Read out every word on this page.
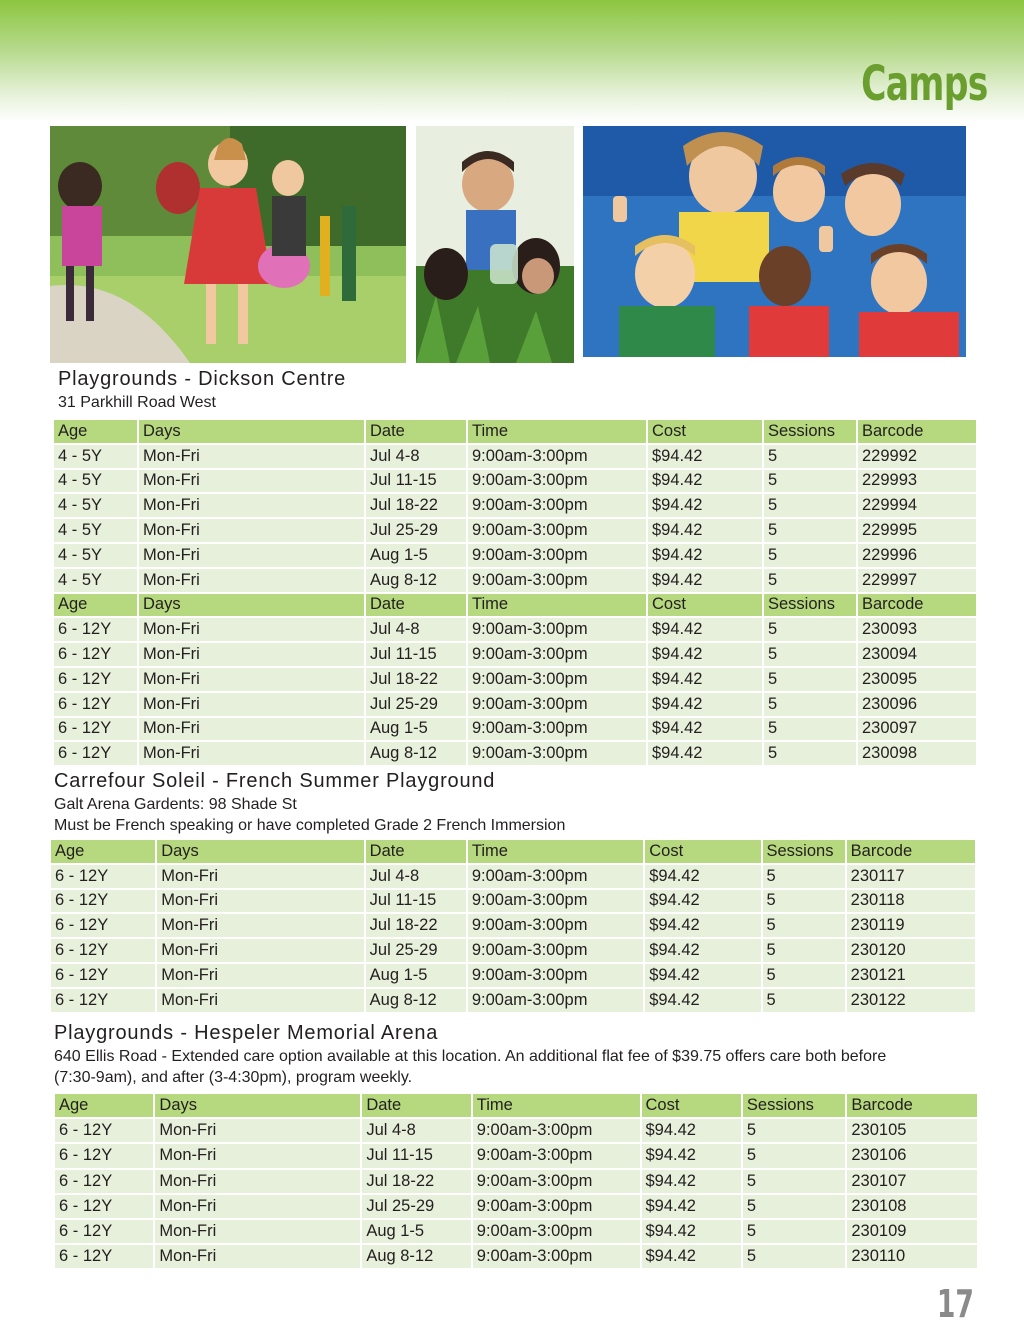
Camps
Playgrounds - Dickson Centre
31 Parkhill Road West
Age	Days	Date	Time	Cost	Sessions	Barcode
4 - 5Y	Mon-Fri	Jul 4-8	9:00am-3:00pm	$94.42	5	229992
4 - 5Y	Mon-Fri	Jul 11-15	9:00am-3:00pm	$94.42	5	229993
4 - 5Y	Mon-Fri	Jul 18-22	9:00am-3:00pm	$94.42	5	229994
4 - 5Y	Mon-Fri	Jul 25-29	9:00am-3:00pm	$94.42	5	229995
4 - 5Y	Mon-Fri	Aug 1-5	9:00am-3:00pm	$94.42	5	229996
4 - 5Y	Mon-Fri	Aug 8-12	9:00am-3:00pm	$94.42	5	229997
Age	Days	Date	Time	Cost	Sessions	Barcode
6 - 12Y	Mon-Fri	Jul 4-8	9:00am-3:00pm	$94.42	5	230093
6 - 12Y	Mon-Fri	Jul 11-15	9:00am-3:00pm	$94.42	5	230094
6 - 12Y	Mon-Fri	Jul 18-22	9:00am-3:00pm	$94.42	5	230095
6 - 12Y	Mon-Fri	Jul 25-29	9:00am-3:00pm	$94.42	5	230096
6 - 12Y	Mon-Fri	Aug 1-5	9:00am-3:00pm	$94.42	5	230097
6 - 12Y	Mon-Fri	Aug 8-12	9:00am-3:00pm	$94.42	5	230098
Carrefour Soleil - French Summer Playground
Galt Arena Gardents: 98 Shade St
Must be French speaking or have completed Grade 2 French Immersion
Age	Days	Date	Time	Cost	Sessions	Barcode
6 - 12Y	Mon-Fri	Jul 4-8	9:00am-3:00pm	$94.42	5	230117
6 - 12Y	Mon-Fri	Jul 11-15	9:00am-3:00pm	$94.42	5	230118
6 - 12Y	Mon-Fri	Jul 18-22	9:00am-3:00pm	$94.42	5	230119
6 - 12Y	Mon-Fri	Jul 25-29	9:00am-3:00pm	$94.42	5	230120
6 - 12Y	Mon-Fri	Aug 1-5	9:00am-3:00pm	$94.42	5	230121
6 - 12Y	Mon-Fri	Aug 8-12	9:00am-3:00pm	$94.42	5	230122
Playgrounds - Hespeler Memorial Arena
640 Ellis Road - Extended care option available at this location. An additional flat fee of $39.75 offers care both before
(7:30-9am), and after (3-4:30pm), program weekly.
Age	Days	Date	Time	Cost	Sessions	Barcode
6 - 12Y	Mon-Fri	Jul 4-8	9:00am-3:00pm	$94.42	5	230105
6 - 12Y	Mon-Fri	Jul 11-15	9:00am-3:00pm	$94.42	5	230106
6 - 12Y	Mon-Fri	Jul 18-22	9:00am-3:00pm	$94.42	5	230107
6 - 12Y	Mon-Fri	Jul 25-29	9:00am-3:00pm	$94.42	5	230108
6 - 12Y	Mon-Fri	Aug 1-5	9:00am-3:00pm	$94.42	5	230109
6 - 12Y	Mon-Fri	Aug 8-12	9:00am-3:00pm	$94.42	5	230110
17
